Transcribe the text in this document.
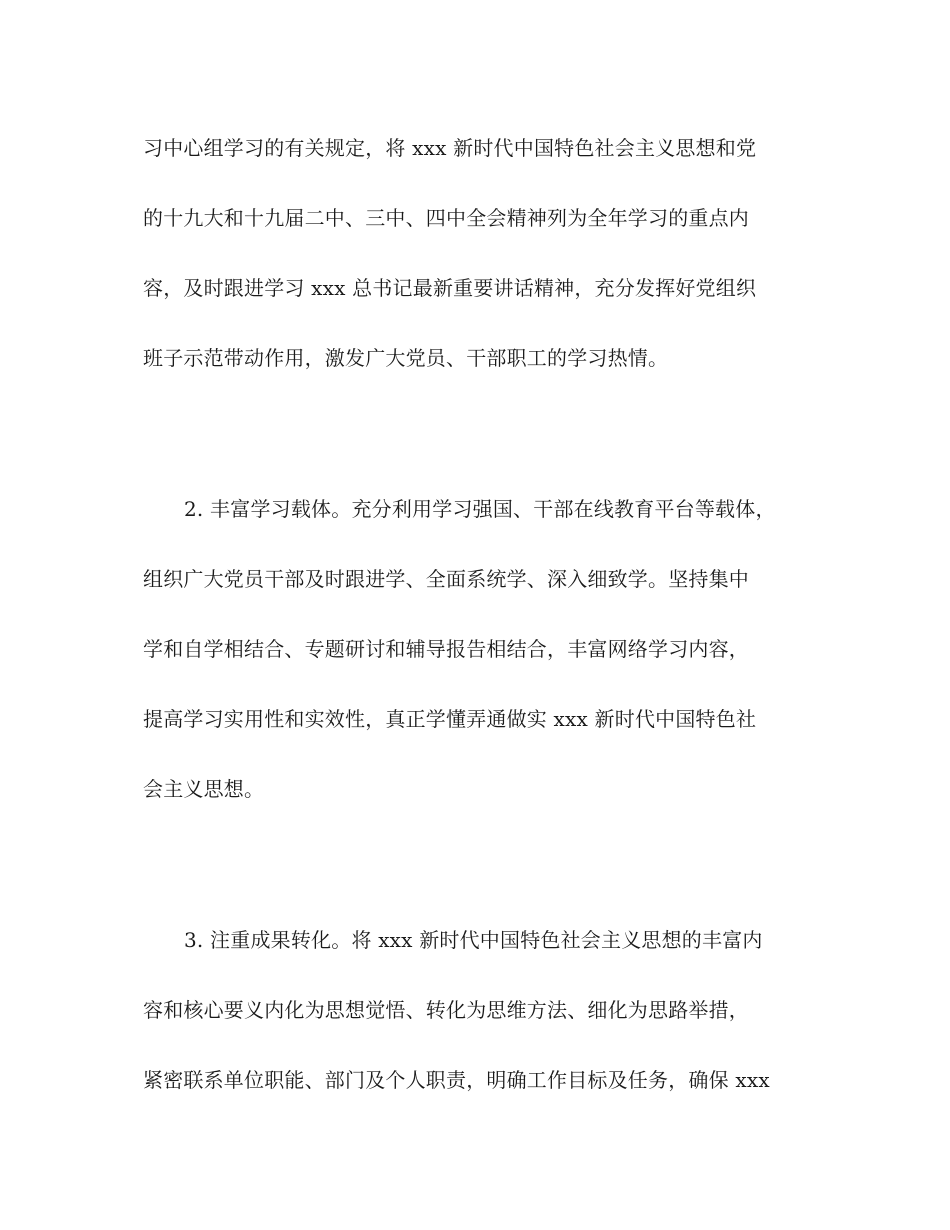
习中心组学习的有关规定，将 xxx 新时代中国特色社会主义思想和党
的十九大和十九届二中、三中、四中全会精神列为全年学习的重点内
容，及时跟进学习 xxx 总书记最新重要讲话精神，充分发挥好党组织
班子示范带动作用，激发广大党员、干部职工的学习热情。
2. 丰富学习载体。充分利用学习强国、干部在线教育平台等载体，
组织广大党员干部及时跟进学、全面系统学、深入细致学。坚持集中
学和自学相结合、专题研讨和辅导报告相结合，丰富网络学习内容，
提高学习实用性和实效性，真正学懂弄通做实 xxx 新时代中国特色社
会主义思想。
3. 注重成果转化。将 xxx 新时代中国特色社会主义思想的丰富内
容和核心要义内化为思想觉悟、转化为思维方法、细化为思路举措，
紧密联系单位职能、部门及个人职责，明确工作目标及任务，确保 xxx
